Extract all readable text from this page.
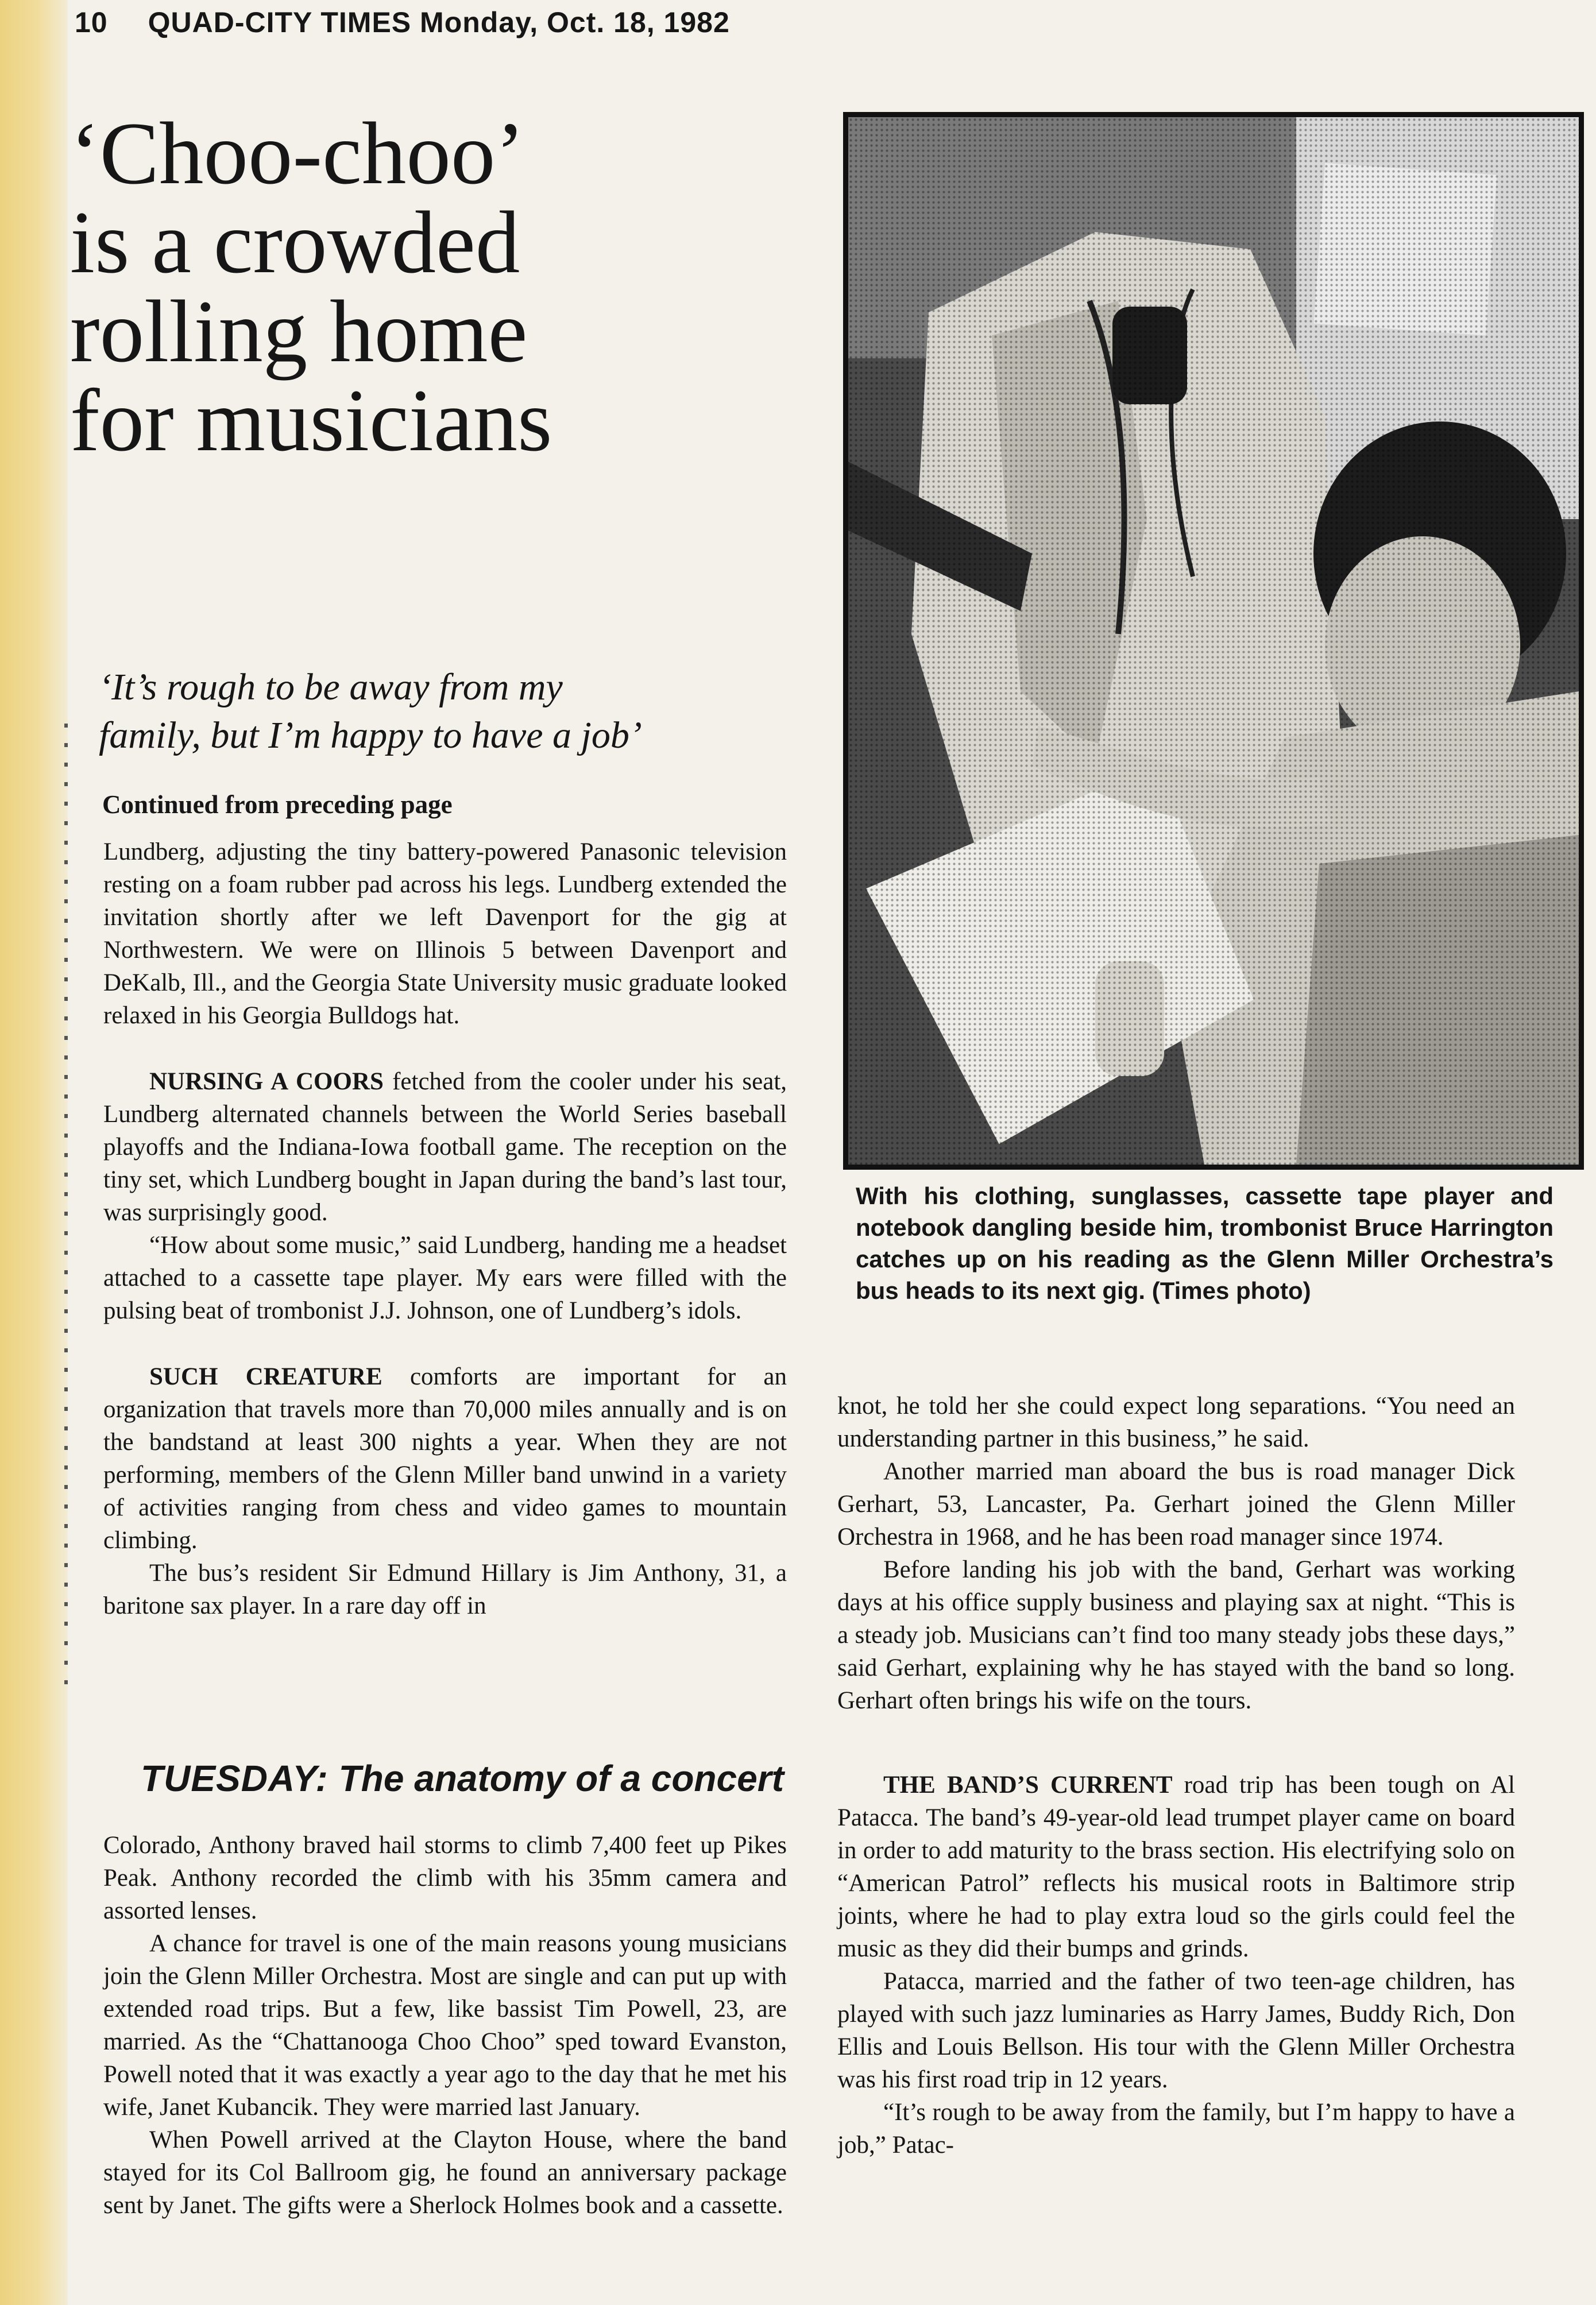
10 QUAD-CITY TIMES Monday, Oct. 18, 1982
‘Choo-choo’
is a crowded
rolling home
for musicians
‘It’s rough to be away from my
family, but I’m happy to have a job’
Continued from preceding page

Lundberg, adjusting the tiny battery-powered Panasonic television resting on a foam rubber pad across his legs. Lundberg extended the invitation shortly after we left Davenport for the gig at Northwestern. We were on Illinois 5 between Davenport and DeKalb, Ill., and the Georgia State University music graduate looked relaxed in his Georgia Bulldogs hat.

NURSING A COORS fetched from the cooler under his seat, Lundberg alternated channels between the World Series baseball playoffs and the Indiana-Iowa football game. The reception on the tiny set, which Lundberg bought in Japan during the band’s last tour, was surprisingly good.

“How about some music,” said Lundberg, handing me a headset attached to a cassette tape player. My ears were filled with the pulsing beat of trombonist J.J. Johnson, one of Lundberg’s idols.

SUCH CREATURE comforts are important for an organization that travels more than 70,000 miles annually and is on the bandstand at least 300 nights a year. When they are not performing, members of the Glenn Miller band unwind in a variety of activities ranging from chess and video games to mountain climbing.

The bus’s resident Sir Edmund Hillary is Jim Anthony, 31, a baritone sax player. In a rare day off in

TUESDAY: The anatomy of a concert

Colorado, Anthony braved hail storms to climb 7,400 feet up Pikes Peak. Anthony recorded the climb with his 35mm camera and assorted lenses.

A chance for travel is one of the main reasons young musicians join the Glenn Miller Orchestra. Most are single and can put up with extended road trips. But a few, like bassist Tim Powell, 23, are married. As the “Chattanooga Choo Choo” sped toward Evanston, Powell noted that it was exactly a year ago to the day that he met his wife, Janet Kubancik. They were married last January.

When Powell arrived at the Clayton House, where the band stayed for its Col Ballroom gig, he found an anniversary package sent by Janet. The gifts were a Sherlock Holmes book and a cassette.

With his clothing, sunglasses, cassette tape player and notebook dangling beside him, trombonist Bruce Harrington catches up on his reading as the Glenn Miller Orchestra’s bus heads to its next gig. (Times photo)

knot, he told her she could expect long separations. “You need an understanding partner in this business,” he said.

Another married man aboard the bus is road manager Dick Gerhart, 53, Lancaster, Pa. Gerhart joined the Glenn Miller Orchestra in 1968, and he has been road manager since 1974.

Before landing his job with the band, Gerhart was working days at his office supply business and playing sax at night. “This is a steady job. Musicians can’t find too many steady jobs these days,” said Gerhart, explaining why he has stayed with the band so long. Gerhart often brings his wife on the tours.

THE BAND’S CURRENT road trip has been tough on Al Patacca. The band’s 49-year-old lead trumpet player came on board in order to add maturity to the brass section. His electrifying solo on “American Patrol” reflects his musical roots in Baltimore strip joints, where he had to play extra loud so the girls could feel the music as they did their bumps and grinds.

Patacca, married and the father of two teen-age children, has played with such jazz luminaries as Harry James, Buddy Rich, Don Ellis and Louis Bellson. His tour with the Glenn Miller Orchestra was his first road trip in 12 years.

“It’s rough to be away from the family, but I’m happy to have a job,” Patac-
